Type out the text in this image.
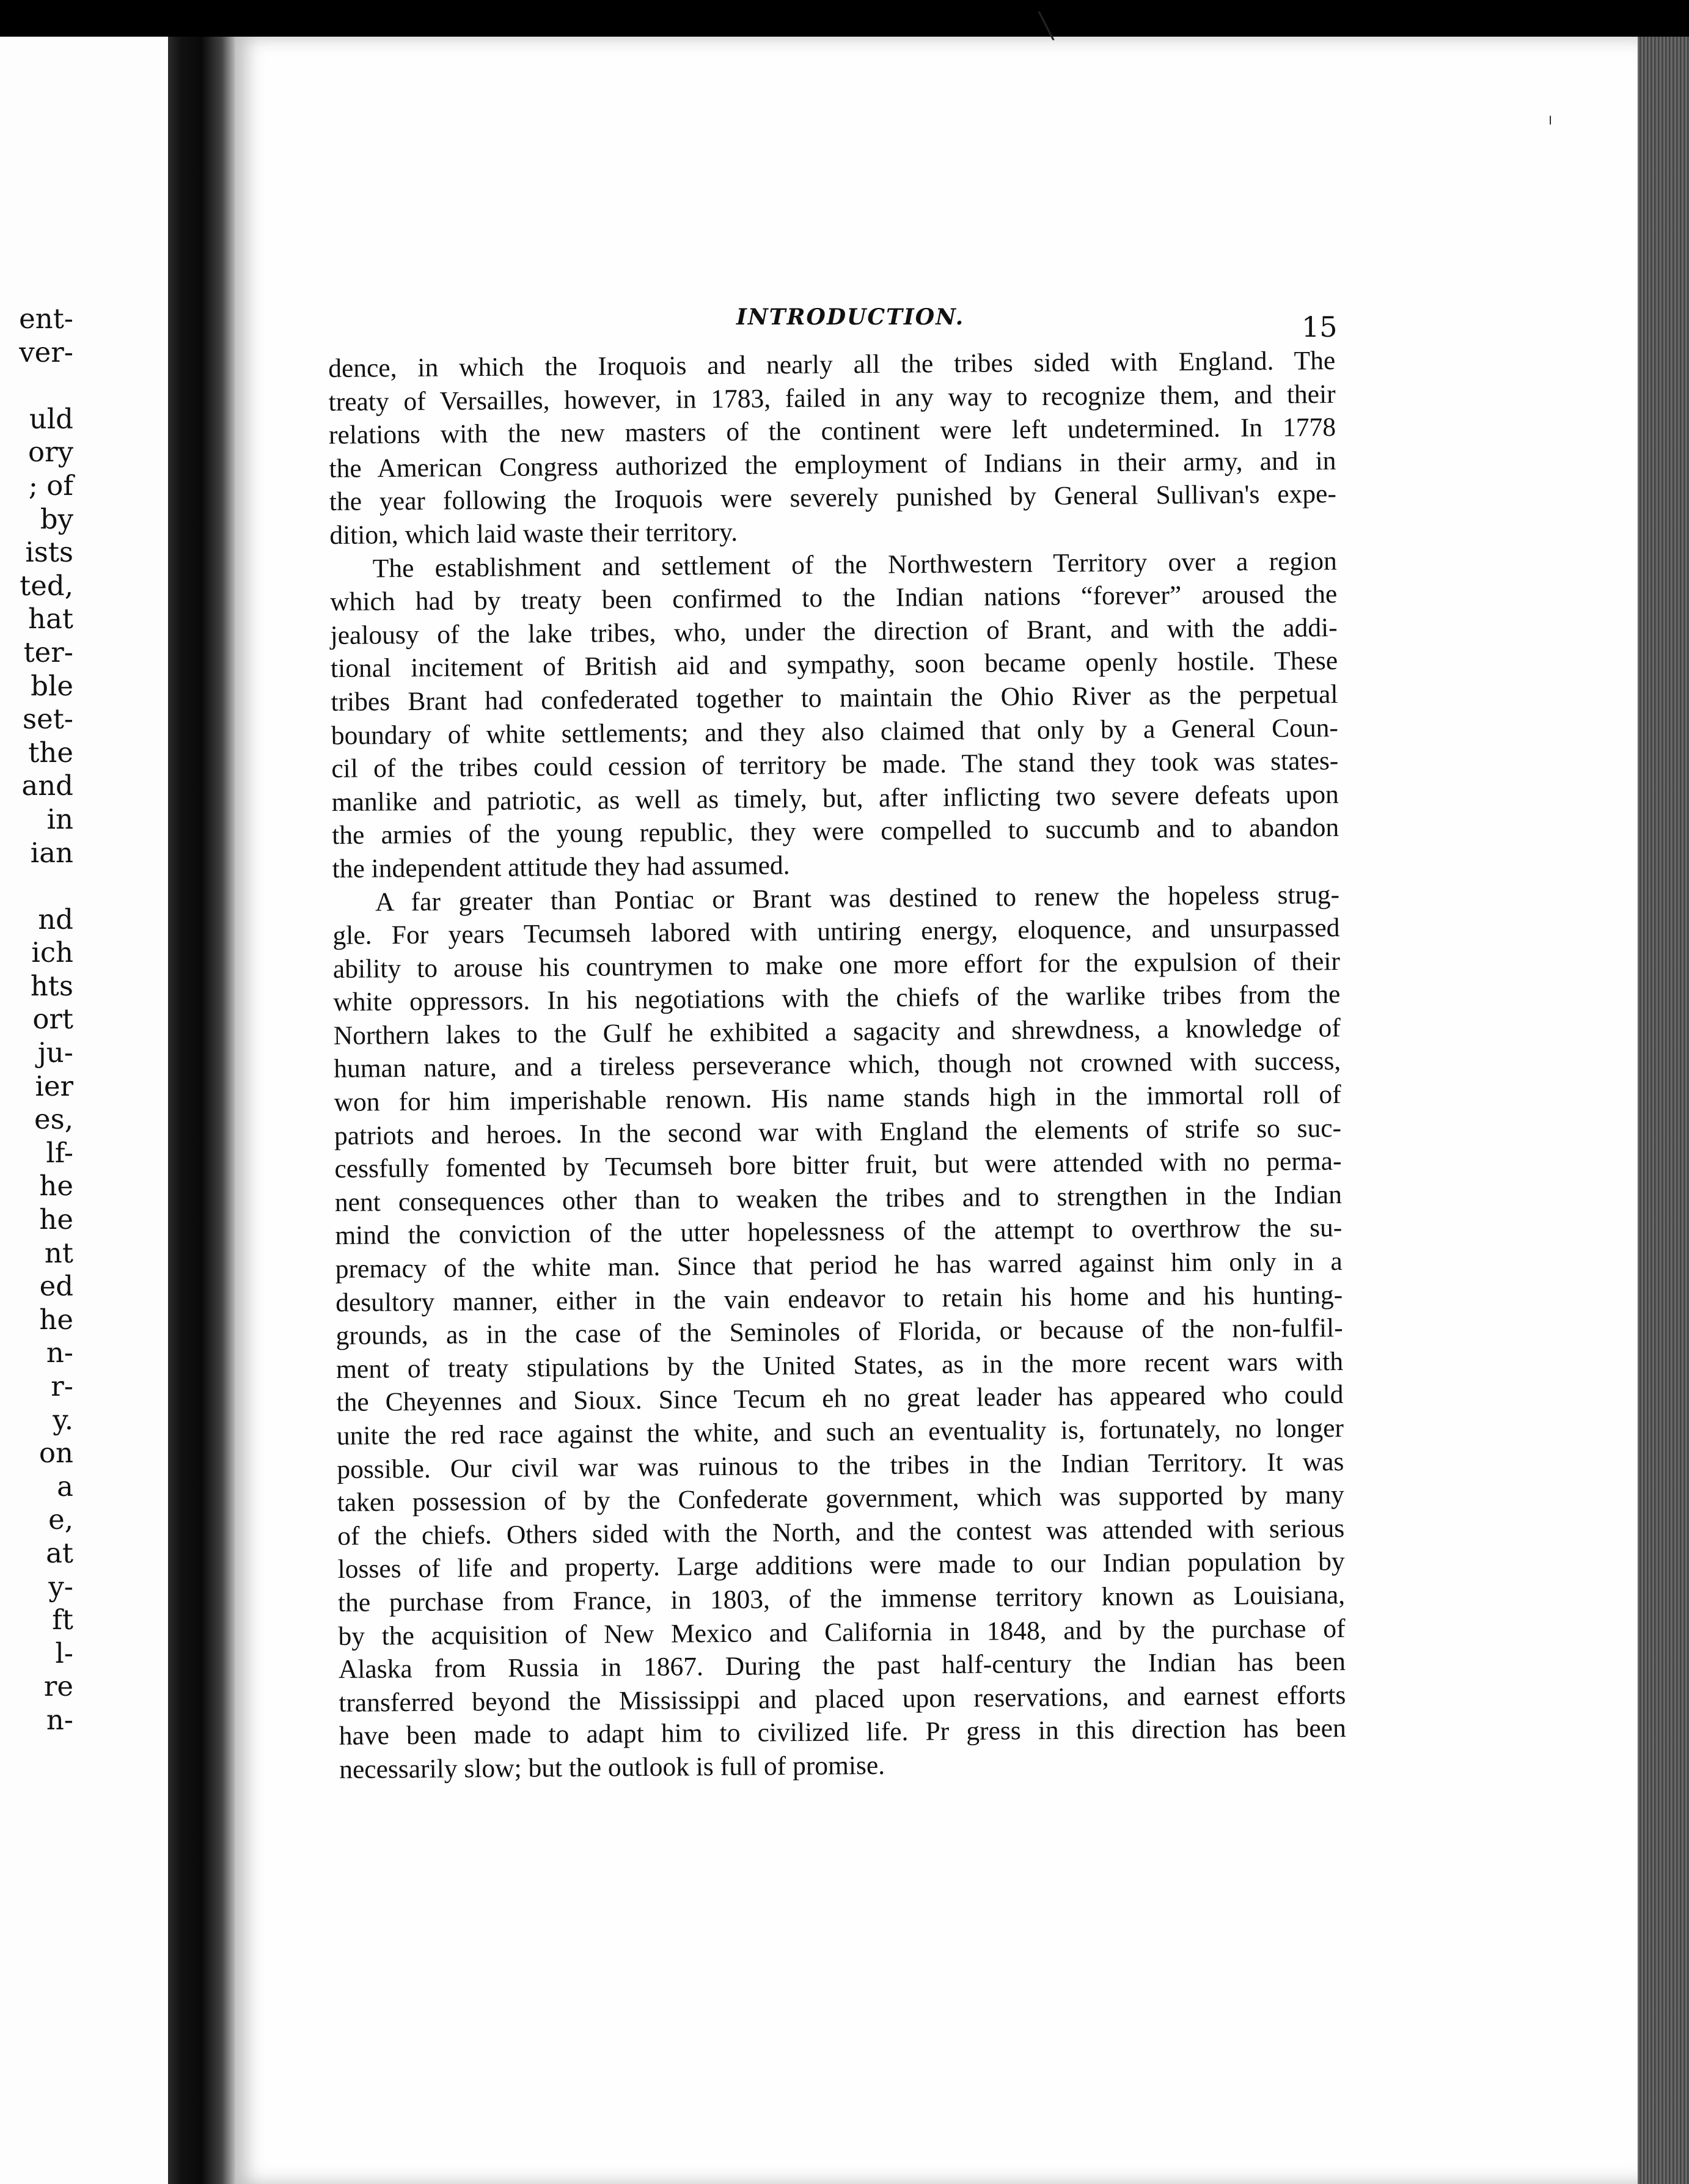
ent-
ver-
uld
ory
; of
by
ists
ted,
hat
ter-
ble
set-
the
and
in
ian
nd
ich
hts
ort
ju-
ier
es,
lf-
he
he
nt
ed
he
n-
r-
y.
on
a
e,
at
y-
ft
l-
re
n-
╲
╵
INTRODUCTION.	15

dence, in which the Iroquois and nearly all the tribes sided with England. The
treaty of Versailles, however, in 1783, failed in any way to recognize them, and their
relations with the new masters of the continent were left undetermined. In 1778
the American Congress authorized the employment of Indians in their army, and in
the year following the Iroquois were severely punished by General Sullivan's expe-
dition, which laid waste their territory.

The establishment and settlement of the Northwestern Territory over a region
which had by treaty been confirmed to the Indian nations “forever” aroused the
jealousy of the lake tribes, who, under the direction of Brant, and with the addi-
tional incitement of British aid and sympathy, soon became openly hostile. These
tribes Brant had confederated together to maintain the Ohio River as the perpetual
boundary of white settlements; and they also claimed that only by a General Coun-
cil of the tribes could cession of territory be made. The stand they took was states-
manlike and patriotic, as well as timely, but, after inflicting two severe defeats upon
the armies of the young republic, they were compelled to succumb and to abandon
the independent attitude they had assumed.

A far greater than Pontiac or Brant was destined to renew the hopeless strug-
gle. For years Tecumseh labored with untiring energy, eloquence, and unsurpassed
ability to arouse his countrymen to make one more effort for the expulsion of their
white oppressors. In his negotiations with the chiefs of the warlike tribes from the
Northern lakes to the Gulf he exhibited a sagacity and shrewdness, a knowledge of
human nature, and a tireless perseverance which, though not crowned with success,
won for him imperishable renown. His name stands high in the immortal roll of
patriots and heroes. In the second war with England the elements of strife so suc-
cessfully fomented by Tecumseh bore bitter fruit, but were attended with no perma-
nent consequences other than to weaken the tribes and to strengthen in the Indian
mind the conviction of the utter hopelessness of the attempt to overthrow the su-
premacy of the white man. Since that period he has warred against him only in a
desultory manner, either in the vain endeavor to retain his home and his hunting-
grounds, as in the case of the Seminoles of Florida, or because of the non-fulfil-
ment of treaty stipulations by the United States, as in the more recent wars with
the Cheyennes and Sioux. Since Tecum eh no great leader has appeared who could
unite the red race against the white, and such an eventuality is, fortunately, no longer
possible. Our civil war was ruinous to the tribes in the Indian Territory. It was
taken possession of by the Confederate government, which was supported by many
of the chiefs. Others sided with the North, and the contest was attended with serious
losses of life and property. Large additions were made to our Indian population by
the purchase from France, in 1803, of the immense territory known as Louisiana,
by the acquisition of New Mexico and California in 1848, and by the purchase of
Alaska from Russia in 1867. During the past half-century the Indian has been
transferred beyond the Mississippi and placed upon reservations, and earnest efforts
have been made to adapt him to civilized life. Pr gress in this direction has been
necessarily slow; but the outlook is full of promise.
